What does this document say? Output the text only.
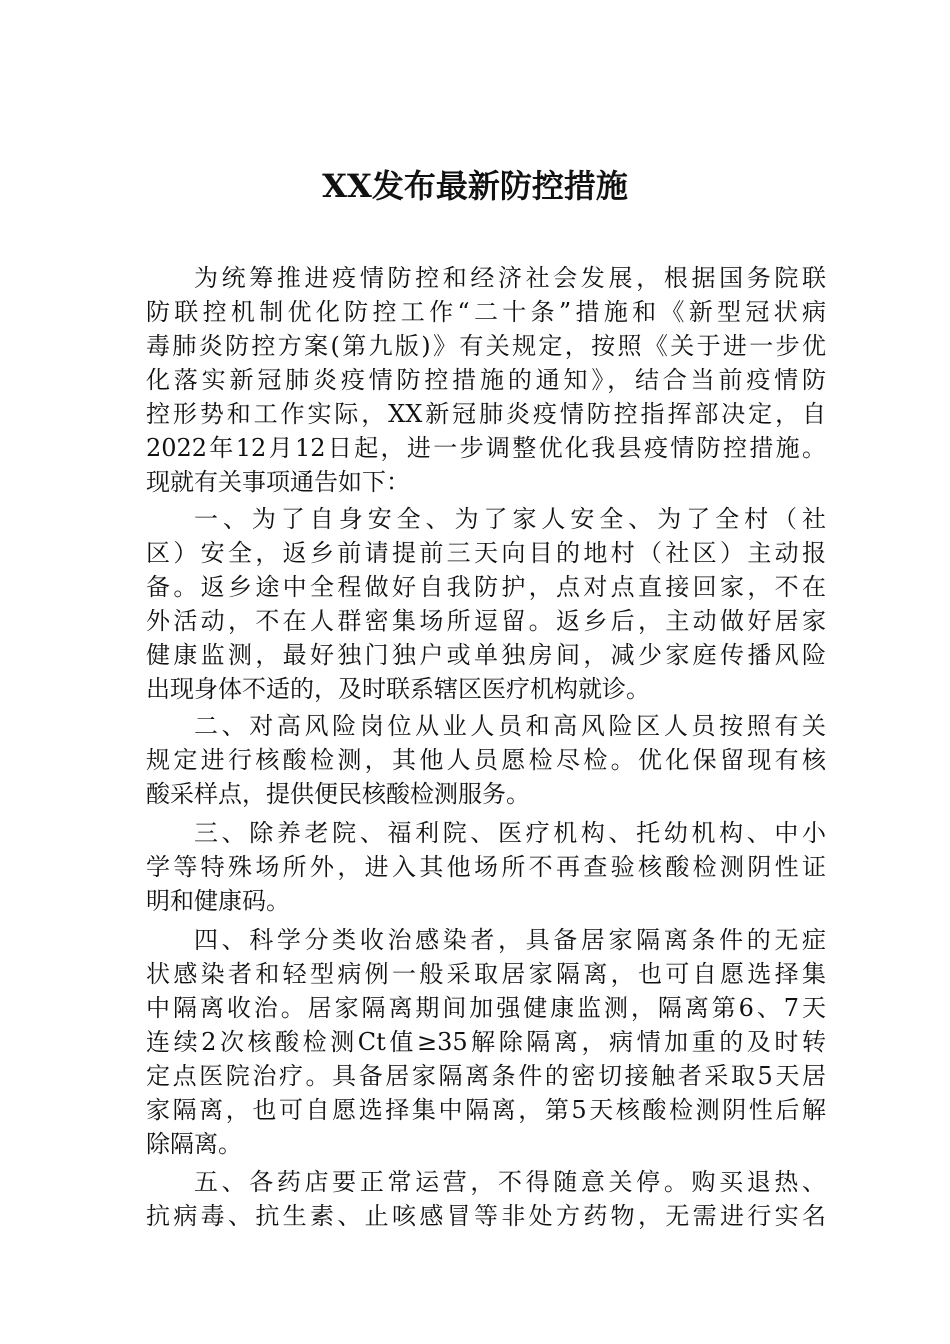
XX发布最新防控措施
为统筹推进疫情防控和经济社会发展，根据国务院联
防联控机制优化防控工作“二十条”措施和《新型冠状病
毒肺炎防控方案(第九版)》有关规定，按照《关于进一步优
化落实新冠肺炎疫情防控措施的通知》，结合当前疫情防
控形势和工作实际，XX新冠肺炎疫情防控指挥部决定，自
2022年12月12日起，进一步调整优化我县疫情防控措施。
现就有关事项通告如下：
一、为了自身安全、为了家人安全、为了全村（社
区）安全，返乡前请提前三天向目的地村（社区）主动报
备。返乡途中全程做好自我防护，点对点直接回家，不在
外活动，不在人群密集场所逗留。返乡后，主动做好居家
健康监测，最好独门独户或单独房间，减少家庭传播风险
出现身体不适的，及时联系辖区医疗机构就诊。
二、对高风险岗位从业人员和高风险区人员按照有关
规定进行核酸检测，其他人员愿检尽检。优化保留现有核
酸采样点，提供便民核酸检测服务。
三、除养老院、福利院、医疗机构、托幼机构、中小
学等特殊场所外，进入其他场所不再查验核酸检测阴性证
明和健康码。
四、科学分类收治感染者，具备居家隔离条件的无症
状感染者和轻型病例一般采取居家隔离，也可自愿选择集
中隔离收治。居家隔离期间加强健康监测，隔离第6、7天
连续2次核酸检测Ct值≥35解除隔离，病情加重的及时转
定点医院治疗。具备居家隔离条件的密切接触者采取5天居
家隔离，也可自愿选择集中隔离，第5天核酸检测阴性后解
除隔离。
五、各药店要正常运营，不得随意关停。购买退热、
抗病毒、抗生素、止咳感冒等非处方药物，无需进行实名
